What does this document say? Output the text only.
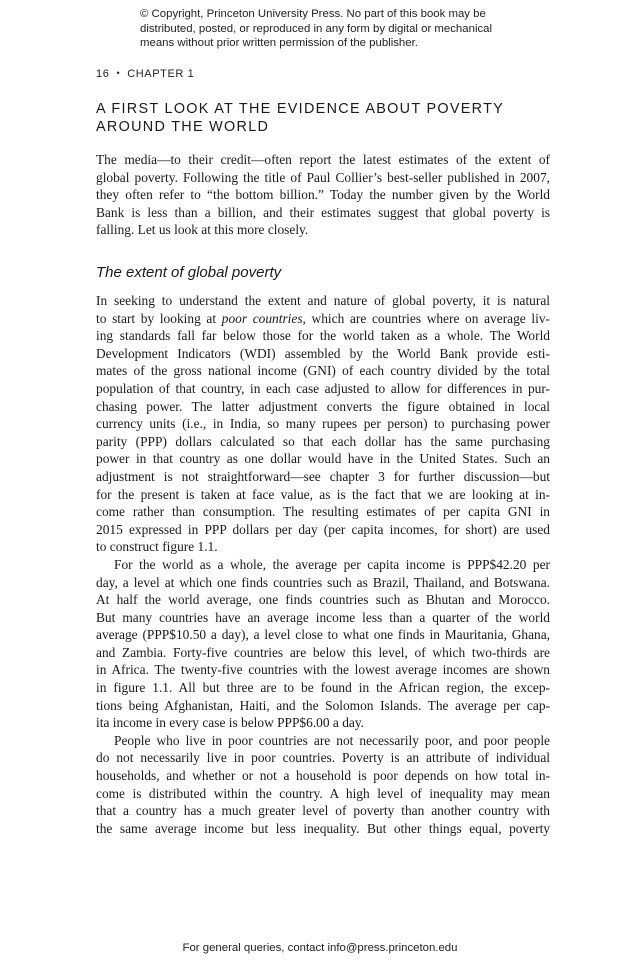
© Copyright, Princeton University Press. No part of this book may be
distributed, posted, or reproduced in any form by digital or mechanical
means without prior written permission of the publisher.
16 • CHAPTER 1
A FIRST LOOK AT THE EVIDENCE ABOUT POVERTY
AROUND THE WORLD
The media—to their credit—often report the latest estimates of the extent of
global poverty. Following the title of Paul Collier’s best-seller published in 2007,
they often refer to “the bottom billion.” Today the number given by the World
Bank is less than a billion, and their estimates suggest that global poverty is
falling. Let us look at this more closely.
The extent of global poverty
In seeking to understand the extent and nature of global poverty, it is natural
to start by looking at poor countries, which are countries where on average liv-
ing standards fall far below those for the world taken as a whole. The World
Development Indicators (WDI) assembled by the World Bank provide esti-
mates of the gross national income (GNI) of each country divided by the total
population of that country, in each case adjusted to allow for differences in pur-
chasing power. The latter adjustment converts the figure obtained in local
currency units (i.e., in India, so many rupees per person) to purchasing power
parity (PPP) dollars calculated so that each dollar has the same purchasing
power in that country as one dollar would have in the United States. Such an
adjustment is not straightforward—see chapter 3 for further discussion—but
for the present is taken at face value, as is the fact that we are looking at in-
come rather than consumption. The resulting estimates of per capita GNI in
2015 expressed in PPP dollars per day (per capita incomes, for short) are used
to construct figure 1.1.
For the world as a whole, the average per capita income is PPP$42.20 per
day, a level at which one finds countries such as Brazil, Thailand, and Botswana.
At half the world average, one finds countries such as Bhutan and Morocco.
But many countries have an average income less than a quarter of the world
average (PPP$10.50 a day), a level close to what one finds in Mauritania, Ghana,
and Zambia. Forty-five countries are below this level, of which two-thirds are
in Africa. The twenty-five countries with the lowest average incomes are shown
in figure 1.1. All but three are to be found in the African region, the excep-
tions being Afghanistan, Haiti, and the Solomon Islands. The average per cap-
ita income in every case is below PPP$6.00 a day.
People who live in poor countries are not necessarily poor, and poor people
do not necessarily live in poor countries. Poverty is an attribute of individual
households, and whether or not a household is poor depends on how total in-
come is distributed within the country. A high level of inequality may mean
that a country has a much greater level of poverty than another country with
the same average income but less inequality. But other things equal, poverty
For general queries, contact info@press.princeton.edu
